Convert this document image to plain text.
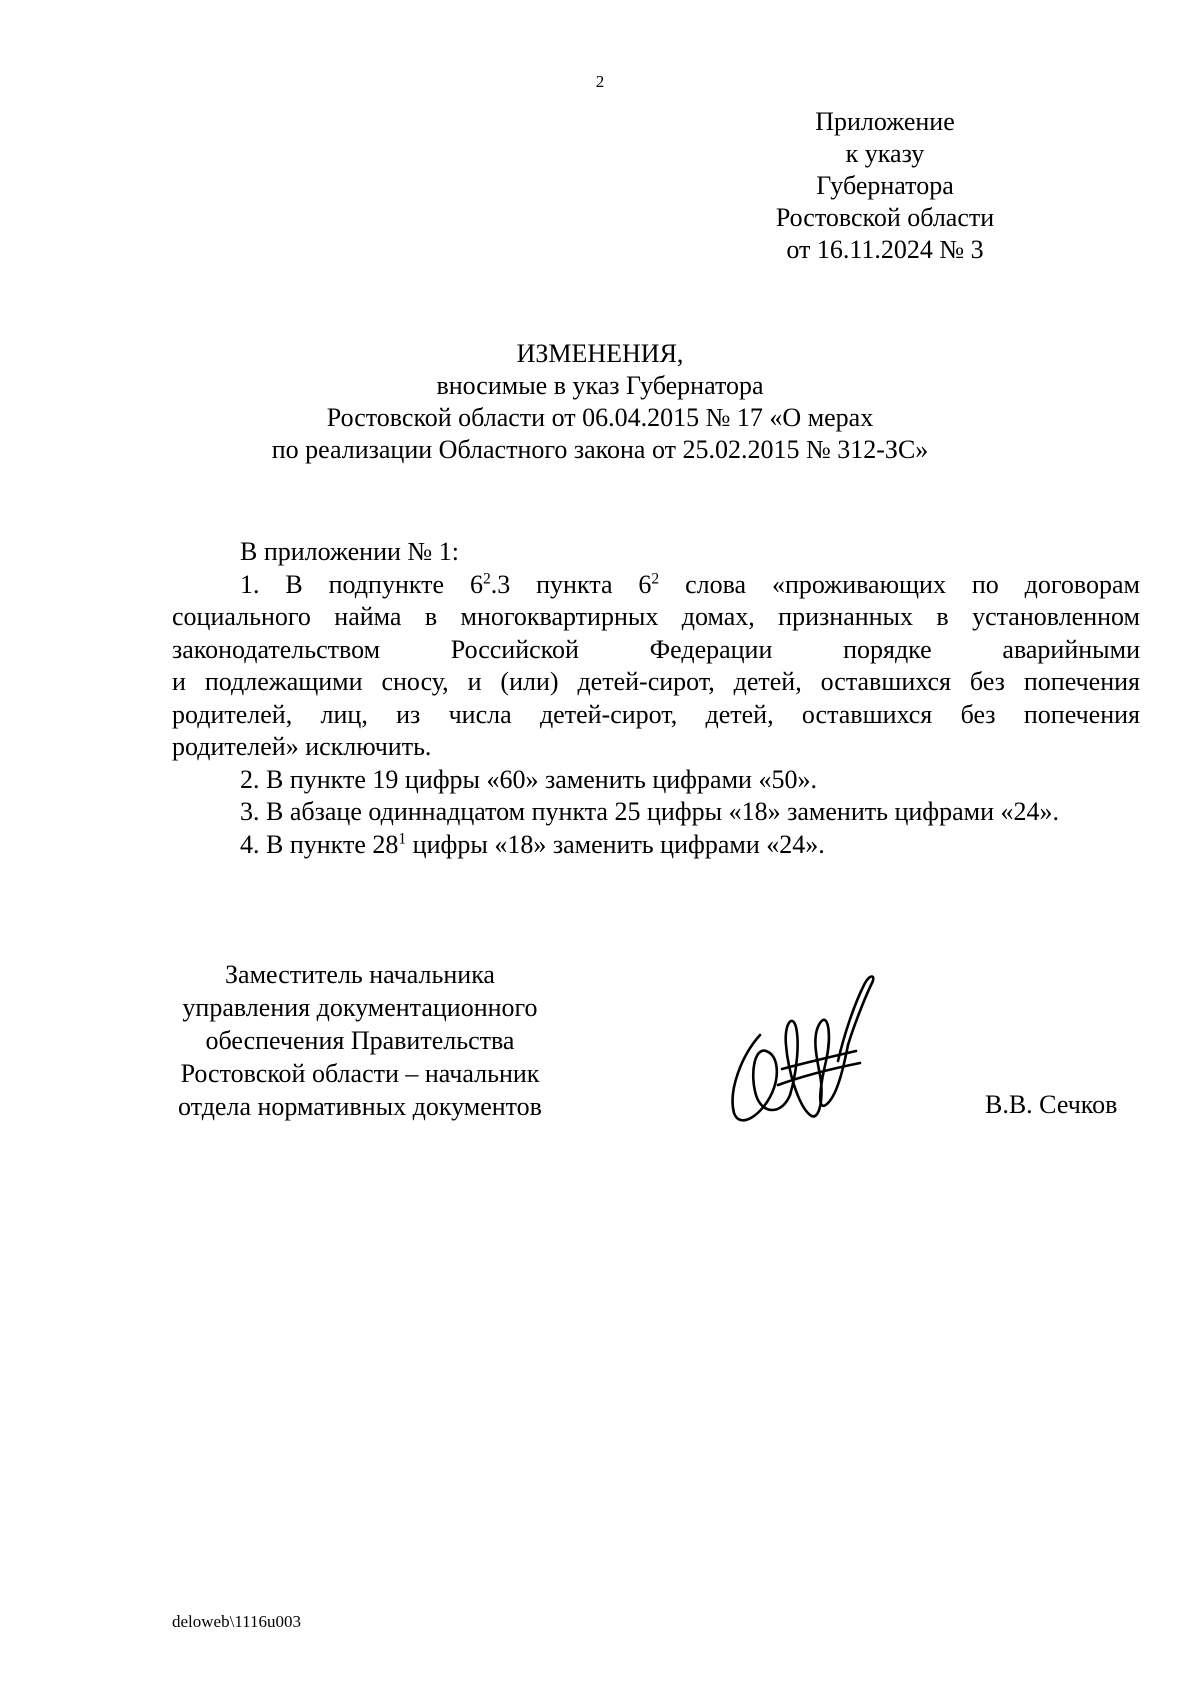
2
Приложение
к указу
Губернатора
Ростовской области
от 16.11.2024 № 3
ИЗМЕНЕНИЯ,
вносимые в указ Губернатора
Ростовской области от 06.04.2015 № 17 «О мерах
по реализации Областного закона от 25.02.2015 № 312-ЗС»

В приложении № 1:

1. В подпункте $6^2.3$ пункта $6^2$ слова «проживающих по договорам
социального найма в многоквартирных домах, признанных в установленном
законодательством Российской Федерации порядке аварийными
и подлежащими сносу, и (или) детей-сирот, детей, оставшихся без попечения
родителей, лиц, из числа детей-сирот, детей, оставшихся без попечения
родителей» исключить.

2. В пункте 19 цифры «60» заменить цифрами «50».

3. В абзаце одиннадцатом пункта 25 цифры «18» заменить цифрами «24».

4. В пункте $28^1$ цифры «18» заменить цифрами «24».

Заместитель начальника
управления документационного
обеспечения Правительства
Ростовской области – начальник
отдела нормативных документов	В.В. Сечков
deloweb\1116u003
